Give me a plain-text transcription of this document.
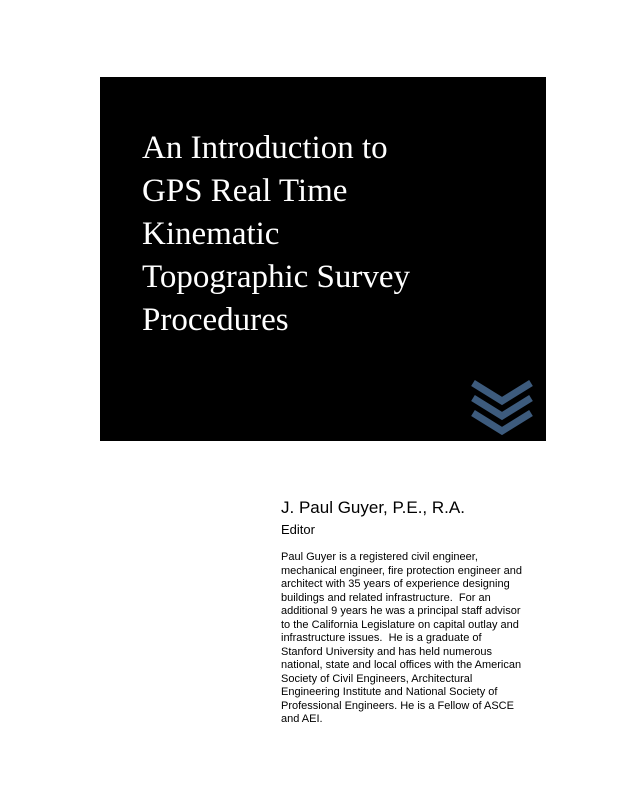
An Introduction to
GPS Real Time
Kinematic
Topographic Survey
Procedures

J. Paul Guyer, P.E., R.A.

Editor

Paul Guyer is a registered civil engineer,
mechanical engineer, fire protection engineer and
architect with 35 years of experience designing
buildings and related infrastructure.  For an
additional 9 years he was a principal staff advisor
to the California Legislature on capital outlay and
infrastructure issues.  He is a graduate of
Stanford University and has held numerous
national, state and local offices with the American
Society of Civil Engineers, Architectural
Engineering Institute and National Society of
Professional Engineers. He is a Fellow of ASCE
and AEI.
